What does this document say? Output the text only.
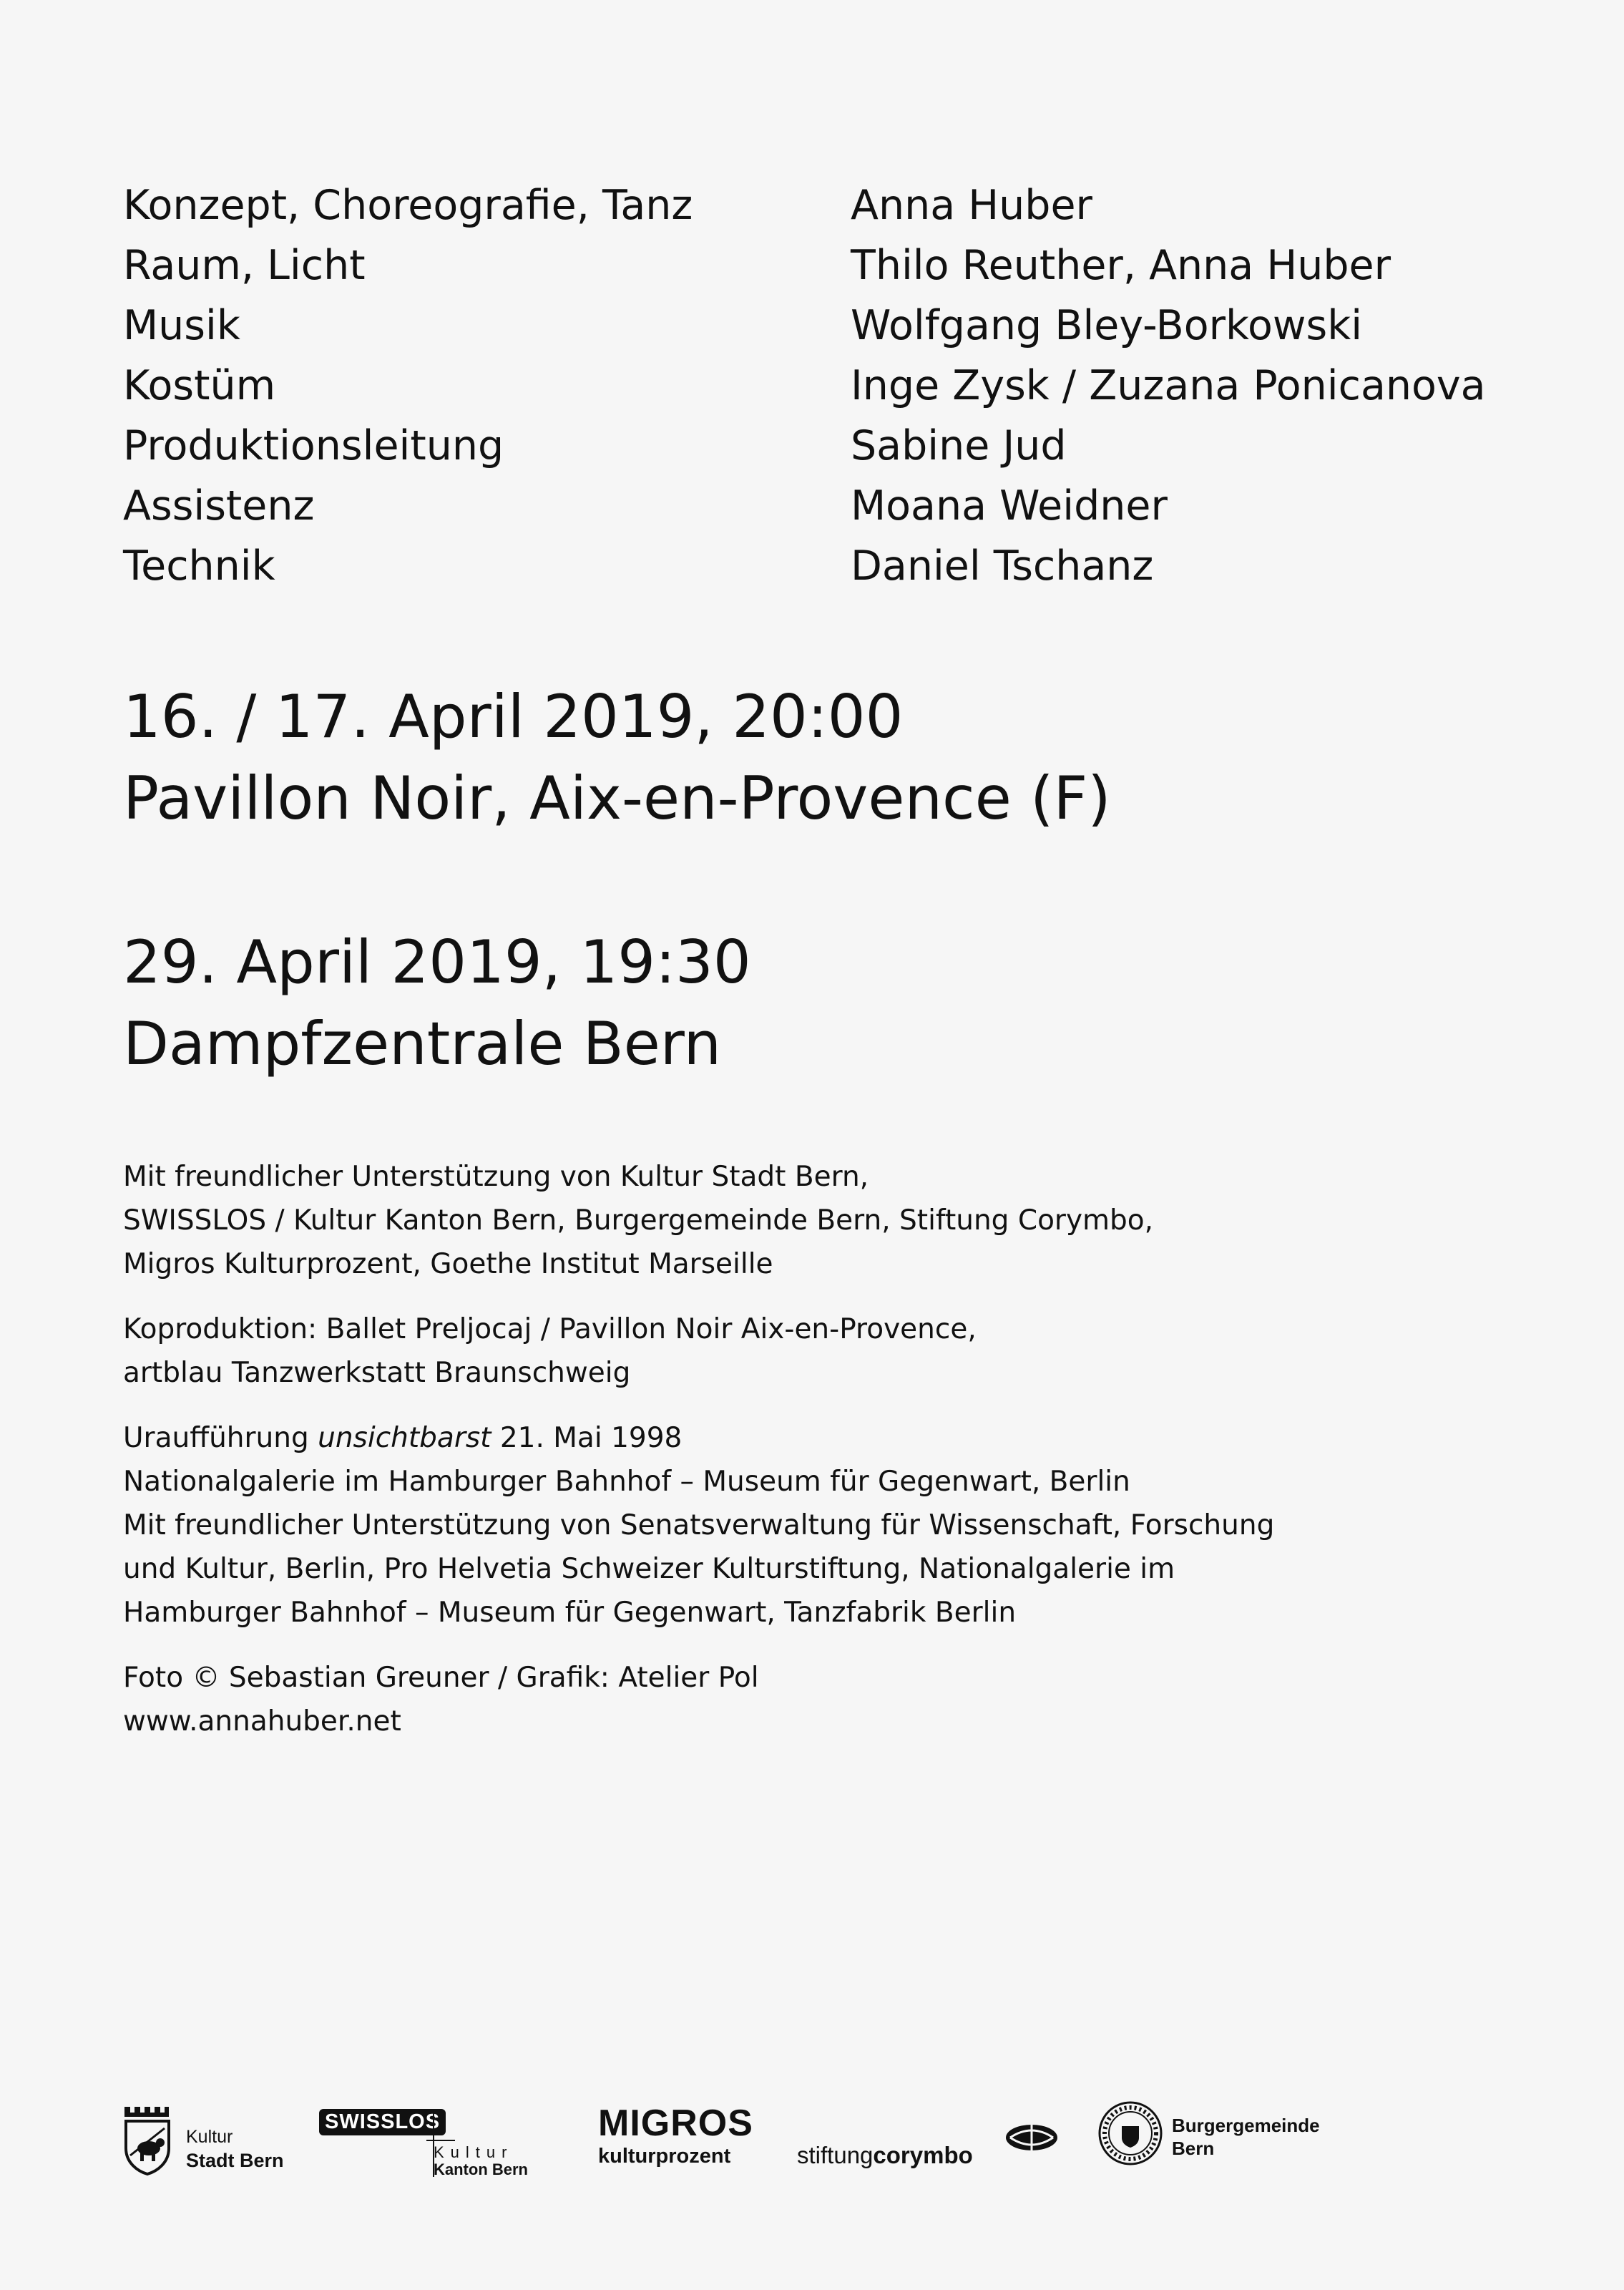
Konzept, Choreografie, Tanz	Anna Huber
Raum, Licht	Thilo Reuther, Anna Huber
Musik	Wolfgang Bley-Borkowski
Kostüm	Inge Zysk / Zuzana Ponicanova
Produktionsleitung	Sabine Jud
Assistenz	Moana Weidner
Technik	Daniel Tschanz
16. / 17. April 2019, 20:00
Pavillon Noir, Aix-en-Provence (F)
29. April 2019, 19:30
Dampfzentrale Bern

Mit freundlicher Unterstützung von Kultur Stadt Bern,
SWISSLOS / Kultur Kanton Bern, Burgergemeinde Bern, Stiftung Corymbo,
Migros Kulturprozent, Goethe Institut Marseille

Koproduktion: Ballet Preljocaj / Pavillon Noir Aix-en-Provence,
artblau Tanzwerkstatt Braunschweig

Uraufführung unsichtbarst 21. Mai 1998
Nationalgalerie im Hamburger Bahnhof – Museum für Gegenwart, Berlin
Mit freundlicher Unterstützung von Senatsverwaltung für Wissenschaft, Forschung
und Kultur, Berlin, Pro Helvetia Schweizer Kulturstiftung, Nationalgalerie im
Hamburger Bahnhof – Museum für Gegenwart, Tanzfabrik Berlin

Foto © Sebastian Greuner / Grafik: Atelier Pol
www.annahuber.net

Kultur
Stadt Bern
SWISSLOS
Kultur
Kanton Bern
MIGROS
kulturprozent	stiftungcorymbo
Burgergemeinde
Bern
